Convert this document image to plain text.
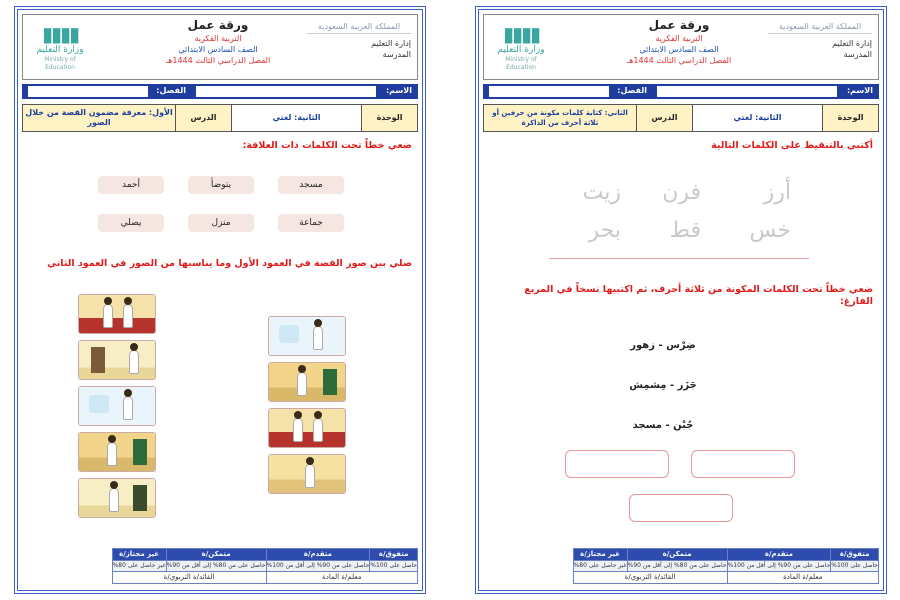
المملكة العربية السعودية
إدارة التعليم
المدرسة
ورقة عمل
التربية الفكرية
الصف السادس الابتدائي
الفصل الدراسي الثالث 1444هـ
▮▮▮▮
وزارة التعليم
Ministry of Education
الاسم:
الفصل:
الوحدة	الثانية: لغتي	الدرس	الأول: معرفة مضمون القصة من خلال الصور
ضعي خطاً تحت الكلمات ذات العلاقة:
مسجد
يتوضأ
أحمد
جماعة
منزل
يصلي
صلي بين صور القصة في العمود الأول وما يناسبها من الصور في العمود الثاني
متفوق/ة	متقدم/ة	متمكن/ة	غير مجتاز/ة
حاصل على 100%	حاصل على من 90% إلى أقل من 100%	حاصل على من 80% إلى أقل من 90%	غير حاصل على 80%
معلم/ة المادة		القائد/ة التربوي/ة	
المملكة العربية السعودية
إدارة التعليم
المدرسة
ورقة عمل
التربية الفكرية
الصف السادس الابتدائي
الفصل الدراسي الثالث 1444هـ
▮▮▮▮
وزارة التعليم
Ministry of Education
الاسم:
الفصل:
الوحدة	الثانية: لغتي	الدرس	الثاني: كتابة كلمات مكونة من حرفين أو ثلاثة أحرف من الذاكرة
أكتبي بالتنقيط على الكلمات التالية
أرز
فرن
زيت
خس
قط
بحر
ضعي خطاً تحت الكلمات المكونة من ثلاثة أحرف، ثم اكتبيها نسخاً في المربع الفارغ:
ضِرْس - زهور
جَزَر - مِشمِش
جُبْن - مسجد
متفوق/ة	متقدم/ة	متمكن/ة	غير مجتاز/ة
حاصل على 100%	حاصل على من 90% إلى أقل من 100%	حاصل على من 80% إلى أقل من 90%	غير حاصل على 80%
معلم/ة المادة		القائد/ة التربوي/ة	
